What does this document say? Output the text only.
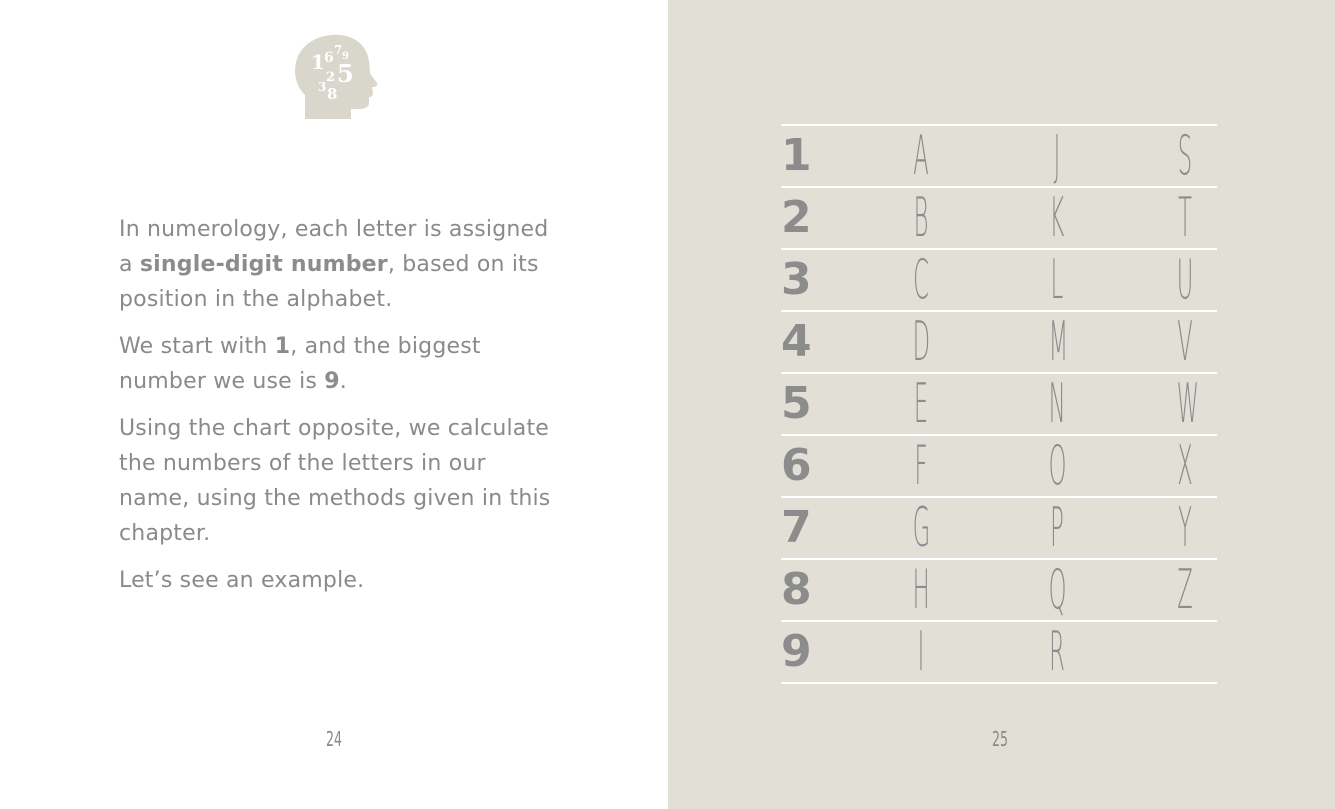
1 6 7 9
2 5
3 8

In numerology, each letter is assigned a single-digit number, based on its position in the alphabet.

We start with 1, and the biggest number we use is 9.

Using the chart opposite, we calculate the numbers of the letters in our name, using the methods given in this chapter.

Let’s see an example.

24	25
1 A J S
2 B K T
3 C L U
4 D M V
5 E N W
6 F O X
7 G P Y
8 H Q Z
9 I R
